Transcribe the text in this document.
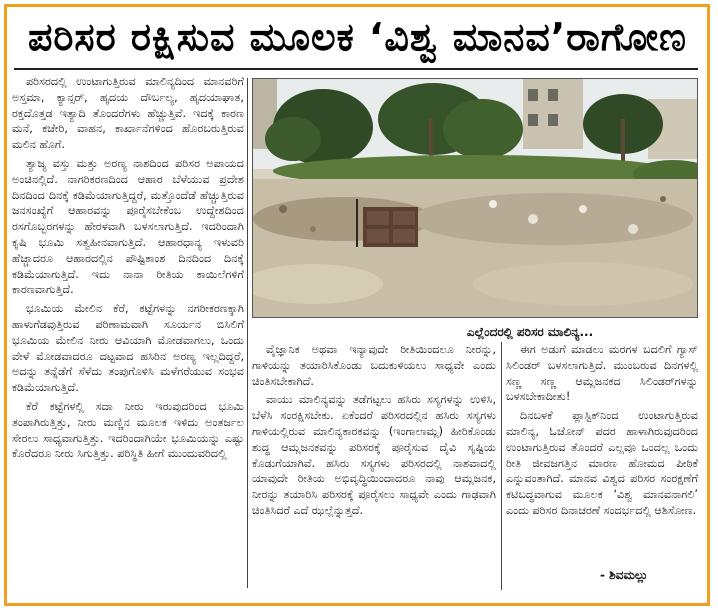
ಪರಿಸರ ರಕ್ಷಿಸುವ ಮೂಲಕ ‘ವಿಶ್ವ ಮಾನವ’ರಾಗೋಣ

ಪರಿಸರದಲ್ಲಿ ಉಂಟಾಗುತ್ತಿರುವ ಮಾಲಿನ್ಯದಿಂದ ಮಾನವರಿಗೆ ಅಸ್ತಮಾ, ಕ್ಯಾನ್ಸರ್, ಹೃದಯ ದೌರ್ಬಲ್ಯ, ಹೃದಯಾಘಾತ, ರಕ್ತದೊತ್ತಡ ಇತ್ಯಾದಿ ತೊಂದರೆಗಳು ಹೆಚ್ಚುತ್ತಿವೆ. ಇದಕ್ಕೆ ಕಾರಣ ಮನೆ, ಕಚೇರಿ, ವಾಹನ, ಕಾರ್ಖಾನೆಗಳಿಂದ ಹೊರಬರುತ್ತಿರುವ ಮಲಿನ ಹೊಗೆ.

ತ್ಯಾಜ್ಯ ವಸ್ತು ಮತ್ತು ಅರಣ್ಯ ನಾಶದಿಂದ ಪರಿಸರ ಅಪಾಯದ ಅಂಚಿನಲ್ಲಿದೆ. ನಾಗರಿಕರಣದಿಂದ ಆಹಾರ ಬೆಳೆಯುವ ಪ್ರದೇಶ ದಿನದಿಂದ ದಿನಕ್ಕೆ ಕಡಿಮೆಯಾಗುತ್ತಿದ್ದರೆ, ಮತ್ತೊಂದೆಡೆ ಹೆಚ್ಚುತ್ತಿರುವ ಜನಸಂಖ್ಯೆಗೆ ಆಹಾರವನ್ನು ಪೂರೈಸಬೇಕೆಂಬ ಉದ್ದೇಶದಿಂದ ರಸಗೊಬ್ಬರಗಳನ್ನು ಹೇರಳವಾಗಿ ಬಳಸಲಾಗುತ್ತಿದೆ. ಇದರಿಂದಾಗಿ ಕೃಷಿ ಭೂಮಿ ಸತ್ವಹೀನವಾಗುತ್ತಿದೆ. ಆಹಾರಧಾನ್ಯ ಇಳುವರಿ ಹೆಚ್ಚಾದರೂ ಆಹಾರದಲ್ಲಿನ ಪೌಷ್ಟಿಕಾಂಶ ದಿನದಿಂದ ದಿನಕ್ಕೆ ಕಡಿಮೆಯಾಗುತ್ತಿದೆ. ಇದು ನಾನಾ ರೀತಿಯ ಕಾಯಿಲೆಗಳಿಗೆ ಕಾರಣವಾಗುತ್ತಿದೆ.

ಭೂಮಿಯ ಮೇಲಿನ ಕೆರೆ, ಕಟ್ಟೆಗಳನ್ನು ನಗರೀಕರಣಕ್ಕಾಗಿ ಹಾಳುಗೆಡವುತ್ತಿರುವ ಪರಿಣಾಮವಾಗಿ ಸೂರ್ಯನ ಬಿಸಿಲಿಗೆ ಭೂಮಿಯ ಮೇಲಿನ ನೀರು ಆವಿಯಾಗಿ ಮೋಡವಾಗಲು, ಒಂದು ವೇಳೆ ಮೋಡವಾದರೂ ದಟ್ಟವಾದ ಹಸಿರಿನ ಅರಣ್ಯ ಇಲ್ಲದಿದ್ದರೆ, ಅದನ್ನು ತನ್ನೆಡೆಗೆ ಸೆಳೆದು ತಂಪುಗೊಳಿಸಿ ಮಳೆಗರೆಯುವ ಸಂಭವ ಕಡಿಮೆಯಾಗುತ್ತಿದೆ.

ಕೆರೆ ಕಟ್ಟೆಗಳಲ್ಲಿ ಸದಾ ನೀರು ಇರುವುದರಿಂದ ಭೂಮಿ ತಂಪಾಗಿರುತ್ತಿತ್ತು, ನೀರು ಮಣ್ಣಿನ ಮೂಲಕ ಇಳಿದು ಅಂತರ್ಜಲ ಸೇರಲು ಸಾಧ್ಯವಾಗುತ್ತಿತ್ತು. ಇದರಿಂದಾಗಿಯೇ ಭೂಮಿಯನ್ನು ಎಷ್ಟು ಕೊರೆದರೂ ನೀರು ಸಿಗುತ್ತಿತ್ತು. ಪರಿಸ್ಥಿತಿ ಹೀಗೆ ಮುಂದುವರಿದಲ್ಲಿ

ಎಲ್ಲೆಂದರಲ್ಲಿ ಪರಿಸರ ಮಾಲಿನ್ಯ...

ವೈಜ್ಞಾನಿಕ ಅಥವಾ ಇನ್ಯಾವುದೇ ರೀತಿಯಿಂದಲೂ ನೀರನ್ನು, ಗಾಳಿಯನ್ನು ತಯಾರಿಸಿಕೊಂಡು ಬದುಕುಳಿಯಲು ಸಾಧ್ಯವೇ ಎಂದು ಚಿಂತಿಸಬೇಕಾಗಿದೆ.

ವಾಯು ಮಾಲಿನ್ಯವನ್ನು ತಡೆಗಟ್ಟಲು ಹಸಿರು ಸಸ್ಯಗಳನ್ನು ಉಳಿಸಿ, ಬೆಳೆಸಿ ಸಂರಕ್ಷಿಸಬೇಕು. ಏಕೆಂದರೆ ಪರಿಸರದಲ್ಲಿನ ಹಸಿರು ಸಸ್ಯಗಳು ಗಾಳಿಯಲ್ಲಿರುವ ಮಾಲಿನ್ಯಕಾರಕವನ್ನು (ಇಂಗಾಲಾಮ್ಲ) ಹೀರಿಕೊಂಡು ಶುದ್ಧ ಆಮ್ಲಜನಕವನ್ನು ಪರಿಸರಕ್ಕೆ ಪೂರೈಸುವ ದೈವಿ ಸೃಷ್ಟಿಯ ಕೊಡುಗೆಯಾಗಿವೆ. ಹಸಿರು ಸಸ್ಯಗಳು ಪರಿಸರದಲ್ಲಿ ನಾಶವಾದಲ್ಲಿ ಯಾವುದೇ ರೀತಿಯ ಅಭಿವೃದ್ಧಿಯಿಂದಾದರೂ ನಾವು ಆಮ್ಲಜನಕ, ನೀರನ್ನು ತಯಾರಿಸಿ ಪರಿಸರಕ್ಕೆ ಪೂರೈಸಲು ಸಾಧ್ಯವೇ ಎಂದು ಗಾಢವಾಗಿ ಚಿಂತಿಸಿದರೆ ಎದೆ ಝಲ್ಲೆನ್ನುತ್ತದೆ.

ಈಗ ಅಡುಗೆ ಮಾಡಲು ಮರಗಳ ಬದಲಿಗೆ ಗ್ಯಾಸ್ ಸಿಲಿಂಡರ್ ಬಳಸಲಾಗುತ್ತಿದೆ. ಮುಂಬರುವ ದಿನಗಳಲ್ಲಿ ಸಣ್ಣ ಸಣ್ಣ ಆಮ್ಲಜನಕದ ಸಿಲಿಂಡರ್‌ಗಳನ್ನು ಬಳಸಬೇಕಾದೀತು!

ದಿನಬಳಕೆ ಪ್ಲಾಸ್ಟಿಕ್‌ನಿಂದ ಉಂಟಾಗುತ್ತಿರುವ ಮಾಲಿನ್ಯ, ಓಜೋನ್ ಪದರ ಹಾಳಾಗಿರುವುದರಿಂದ ಉಂಟಾಗುತ್ತಿರುವ ತೊಂದರೆ ಎಲ್ಲವೂ ಒಂದಲ್ಲ ಒಂದು ರೀತಿ ಜೀವಜಗತ್ತಿನ ಮಾರಣ ಹೋಮದ ಪೀಠಿಕೆ ಎನ್ನುವಂತಾಗಿದೆ. ಮಾನವ ವಿಶ್ವದ ಪರಿಸರ ಸಂರಕ್ಷಣೆಗೆ ಕಟಿಬದ್ಧವಾಗುವ ಮೂಲಕ ‘ವಿಶ್ವ ಮಾನವನಾಗಲಿ’ ಎಂದು ಪರಿಸರ ದಿನಾಚರಣೆ ಸಂದರ್ಭದಲ್ಲಿ ಆಶಿಸೋಣ.

- ಶಿವಮಲ್ಲು
